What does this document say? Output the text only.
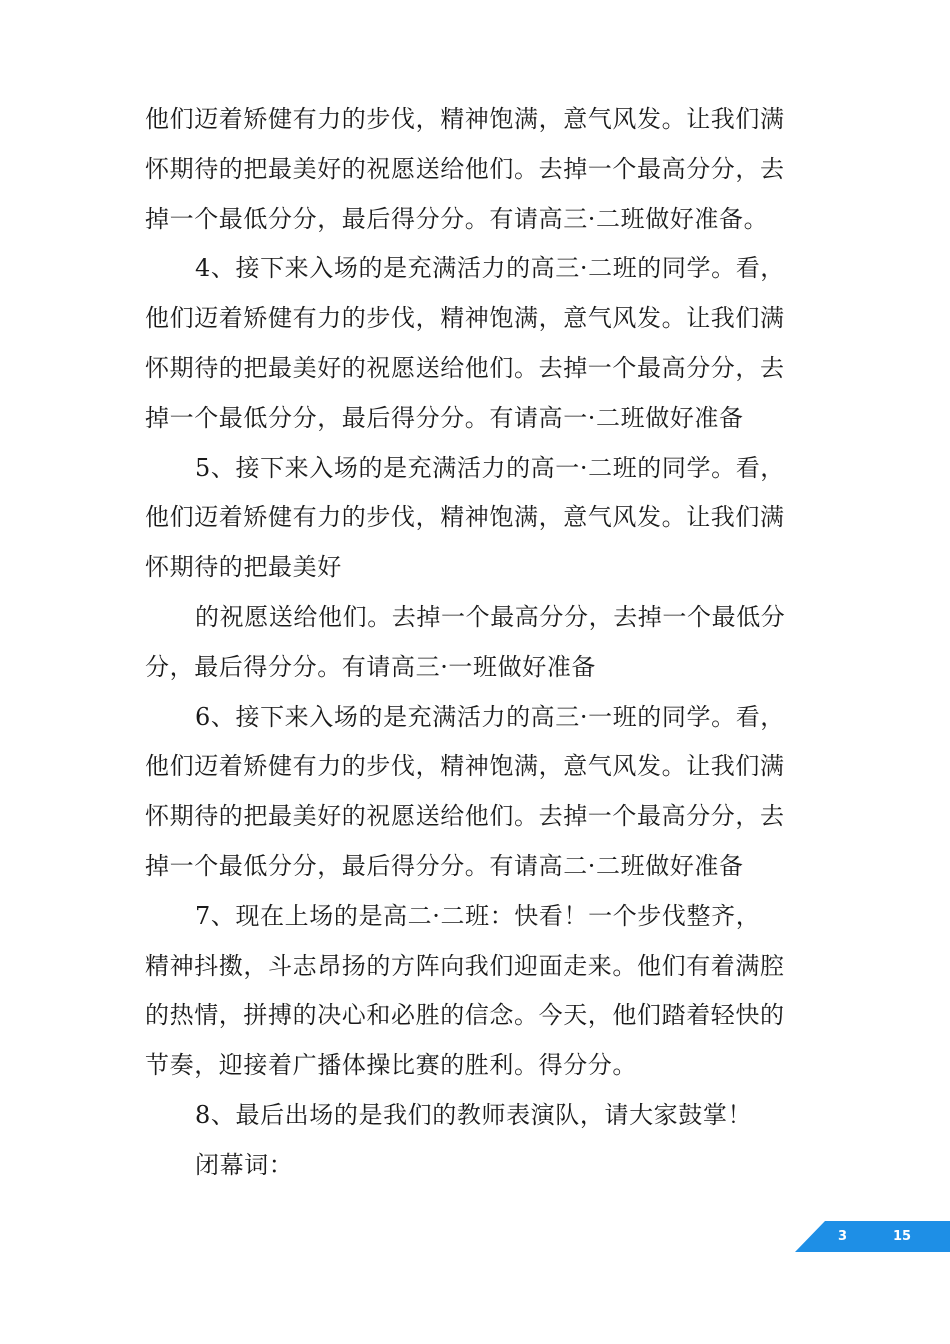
他们迈着矫健有力的步伐，精神饱满，意气风发。让我们满
怀期待的把最美好的祝愿送给他们。去掉一个最高分分，去
掉一个最低分分，最后得分分。有请高三·二班做好准备。
4、接下来入场的是充满活力的高三·二班的同学。看，
他们迈着矫健有力的步伐，精神饱满，意气风发。让我们满
怀期待的把最美好的祝愿送给他们。去掉一个最高分分，去
掉一个最低分分，最后得分分。有请高一·二班做好准备
5、接下来入场的是充满活力的高一·二班的同学。看，
他们迈着矫健有力的步伐，精神饱满，意气风发。让我们满
怀期待的把最美好
的祝愿送给他们。去掉一个最高分分，去掉一个最低分
分，最后得分分。有请高三·一班做好准备
6、接下来入场的是充满活力的高三·一班的同学。看，
他们迈着矫健有力的步伐，精神饱满，意气风发。让我们满
怀期待的把最美好的祝愿送给他们。去掉一个最高分分，去
掉一个最低分分，最后得分分。有请高二·二班做好准备
7、现在上场的是高二·二班：快看！一个步伐整齐，
精神抖擞，斗志昂扬的方阵向我们迎面走来。他们有着满腔
的热情，拼搏的决心和必胜的信念。今天，他们踏着轻快的
节奏，迎接着广播体操比赛的胜利。得分分。
8、最后出场的是我们的教师表演队，请大家鼓掌！
闭幕词：
3	15
